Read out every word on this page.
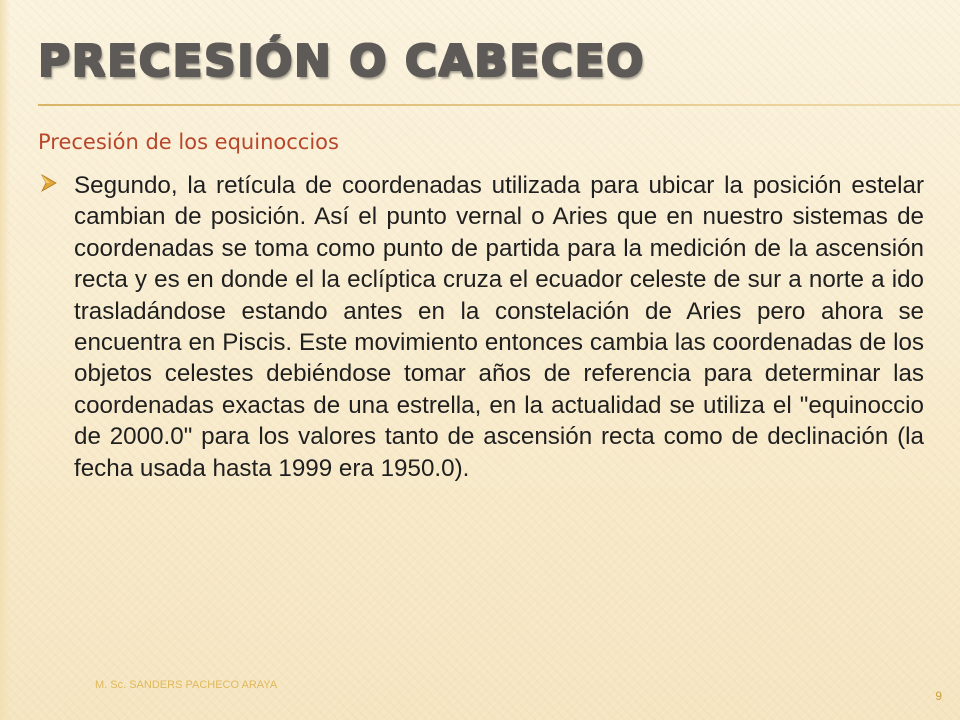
PRECESIÓN O CABECEO
Precesión de los equinoccios
Segundo, la retícula de coordenadas utilizada para ubicar la posición estelar cambian de posición. Así el punto vernal o Aries que en nuestro sistemas de coordenadas se toma como punto de partida para la medición de la ascensión recta y es en donde el la eclíptica cruza el ecuador celeste de sur a norte a ido trasladándose estando antes en la constelación de Aries pero ahora se encuentra en Piscis. Este movimiento entonces cambia las coordenadas de los objetos celestes debiéndose tomar años de referencia para determinar las coordenadas exactas de una estrella, en la actualidad se utiliza el "equinoccio de 2000.0" para los valores tanto de ascensión recta como de declinación (la fecha usada hasta 1999 era 1950.0).
M. Sc. SANDERS PACHECO ARAYA
9
